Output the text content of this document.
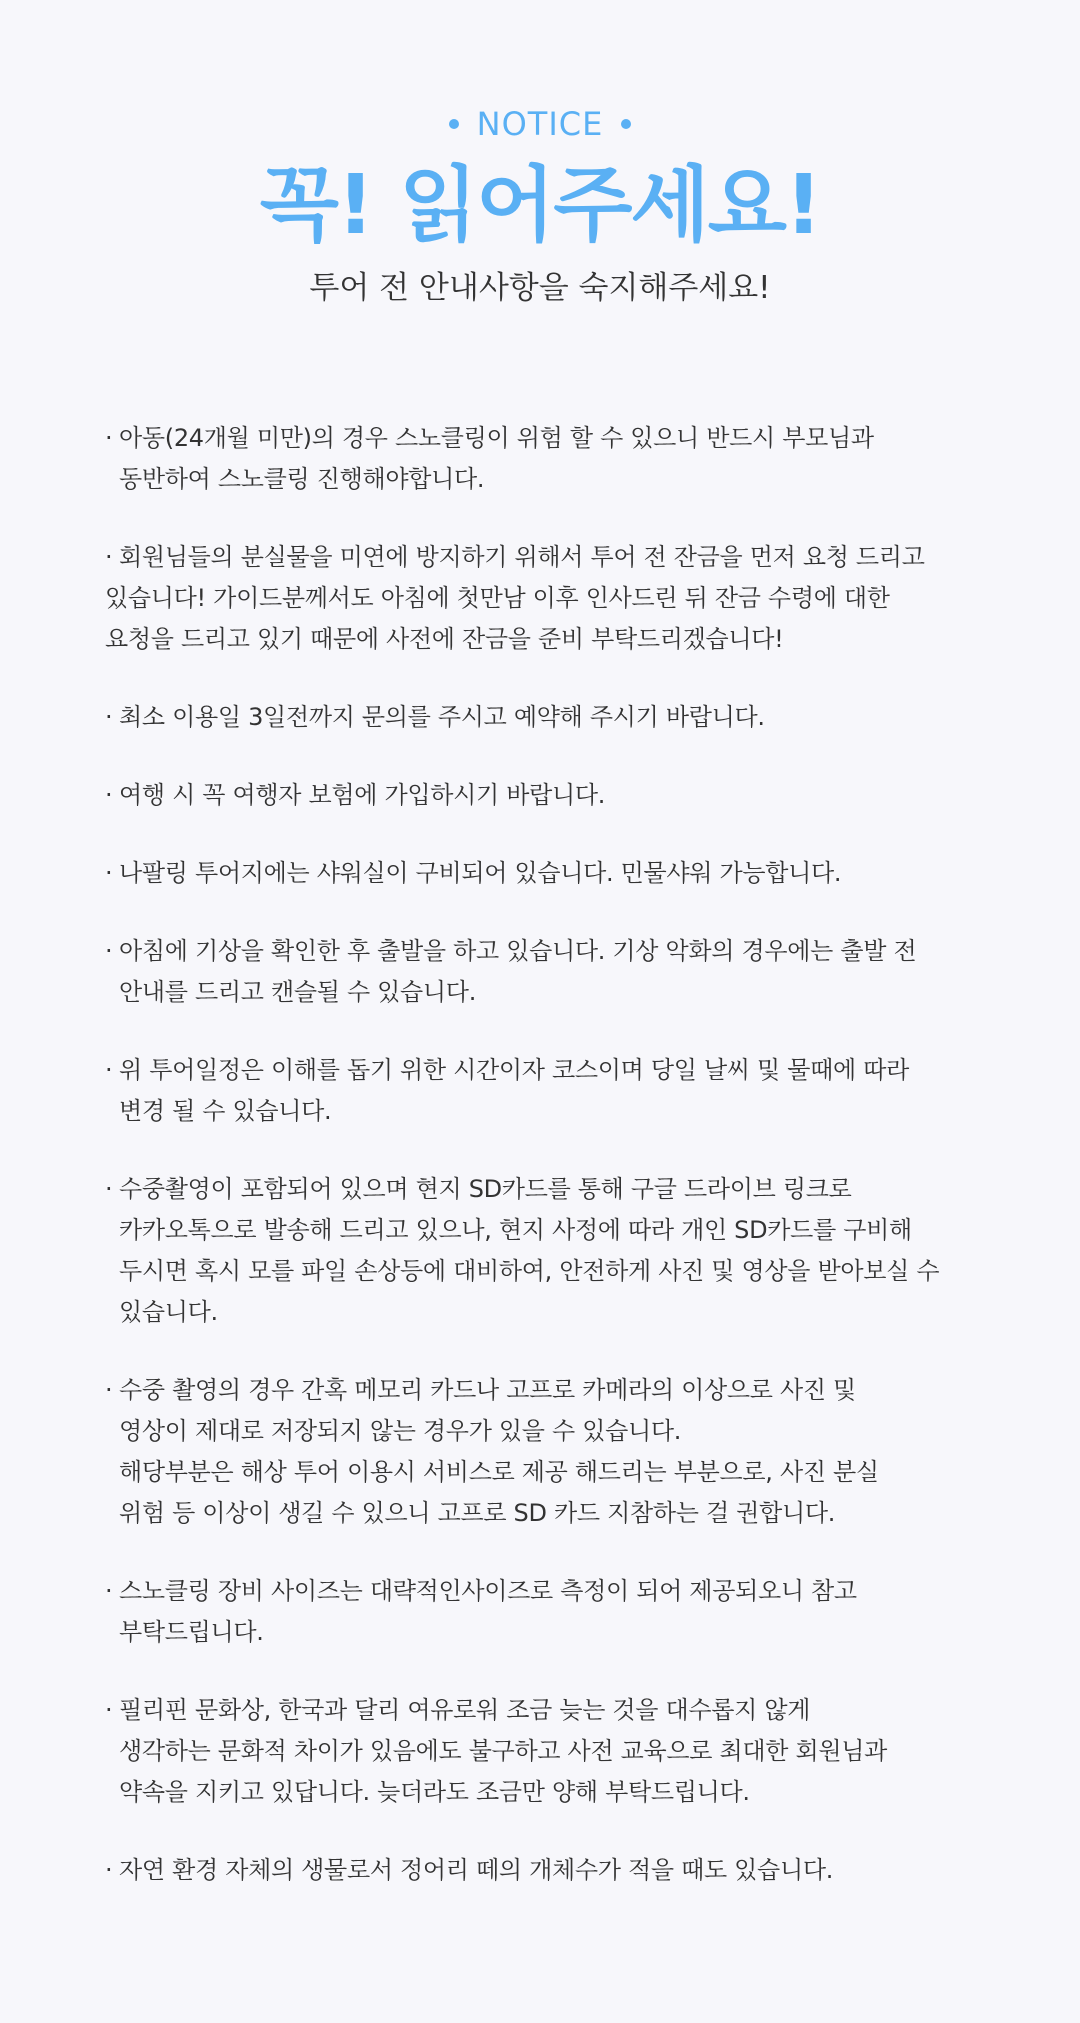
NOTICE
꼭! 읽어주세요!
투어 전 안내사항을 숙지해주세요!
· 아동(24개월 미만)의 경우 스노클링이 위험 할 수 있으니 반드시 부모님과
동반하여 스노클링 진행해야합니다.
· 회원님들의 분실물을 미연에 방지하기 위해서 투어 전 잔금을 먼저 요청 드리고
있습니다! 가이드분께서도 아침에 첫만남 이후 인사드린 뒤 잔금 수령에 대한
요청을 드리고 있기 때문에 사전에 잔금을 준비 부탁드리겠습니다!
· 최소 이용일 3일전까지 문의를 주시고 예약해 주시기 바랍니다.
· 여행 시 꼭 여행자 보험에 가입하시기 바랍니다.
· 나팔링 투어지에는 샤워실이 구비되어 있습니다. 민물샤워 가능합니다.
· 아침에 기상을 확인한 후 출발을 하고 있습니다. 기상 악화의 경우에는 출발 전
안내를 드리고 캔슬될 수 있습니다.
· 위 투어일정은 이해를 돕기 위한 시간이자 코스이며 당일 날씨 및 물때에 따라
변경 될 수 있습니다.
· 수중촬영이 포함되어 있으며 현지 SD카드를 통해 구글 드라이브 링크로
카카오톡으로 발송해 드리고 있으나, 현지 사정에 따라 개인 SD카드를 구비해
두시면 혹시 모를 파일 손상등에 대비하여, 안전하게 사진 및 영상을 받아보실 수
있습니다.
· 수중 촬영의 경우 간혹 메모리 카드나 고프로 카메라의 이상으로 사진 및
영상이 제대로 저장되지 않는 경우가 있을 수 있습니다.
해당부분은 해상 투어 이용시 서비스로 제공 해드리는 부분으로, 사진 분실
위험 등 이상이 생길 수 있으니 고프로 SD 카드 지참하는 걸 권합니다.
· 스노클링 장비 사이즈는 대략적인사이즈로 측정이 되어 제공되오니 참고
부탁드립니다.
· 필리핀 문화상, 한국과 달리 여유로워 조금 늦는 것을 대수롭지 않게
생각하는 문화적 차이가 있음에도 불구하고 사전 교육으로 최대한 회원님과
약속을 지키고 있답니다. 늦더라도 조금만 양해 부탁드립니다.
· 자연 환경 자체의 생물로서 정어리 떼의 개체수가 적을 때도 있습니다.
